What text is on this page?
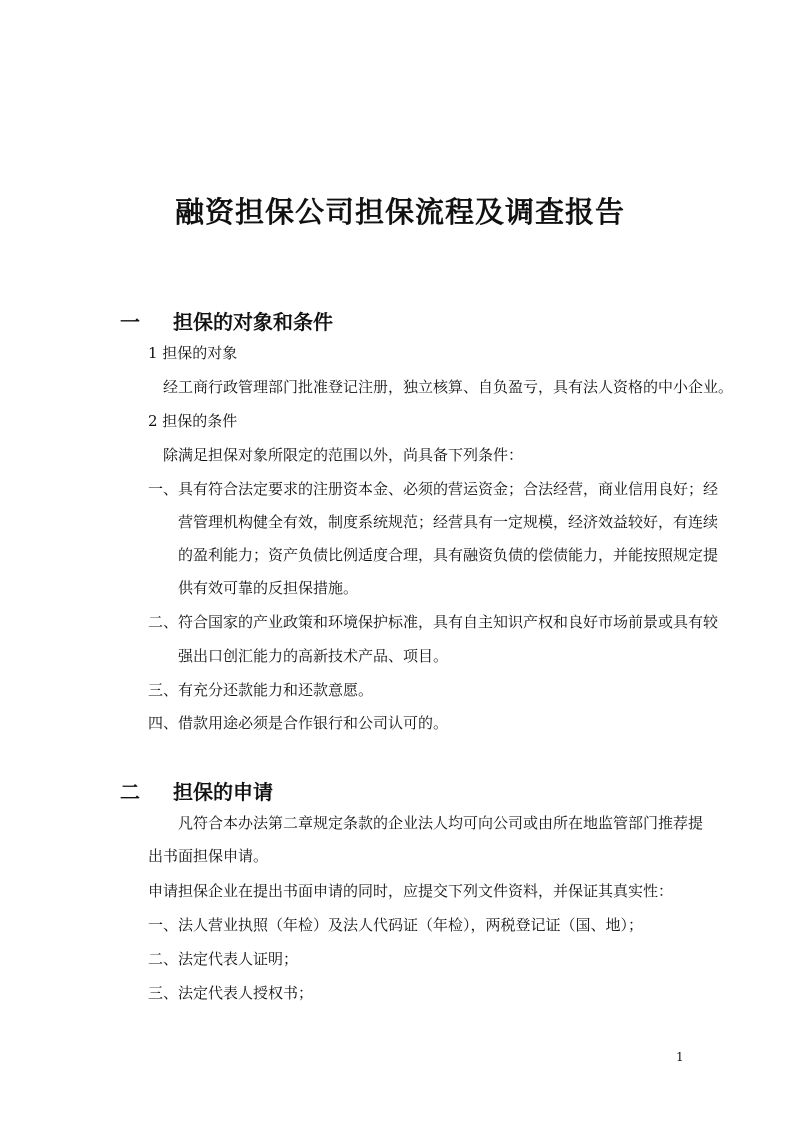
融资担保公司担保流程及调查报告
一 担保的对象和条件
1 担保的对象
经工商行政管理部门批准登记注册，独立核算、自负盈亏，具有法人资格的中小企业。
2 担保的条件
除满足担保对象所限定的范围以外，尚具备下列条件：
一、具有符合法定要求的注册资本金、必须的营运资金；合法经营，商业信用良好；经
营管理机构健全有效，制度系统规范；经营具有一定规模，经济效益较好，有连续
的盈利能力；资产负债比例适度合理，具有融资负债的偿债能力，并能按照规定提
供有效可靠的反担保措施。
二、符合国家的产业政策和环境保护标准，具有自主知识产权和良好市场前景或具有较
强出口创汇能力的高新技术产品、项目。
三、有充分还款能力和还款意愿。
四、借款用途必须是合作银行和公司认可的。
二 担保的申请
凡符合本办法第二章规定条款的企业法人均可向公司或由所在地监管部门推荐提
出书面担保申请。
申请担保企业在提出书面申请的同时，应提交下列文件资料，并保证其真实性：
一、法人营业执照（年检）及法人代码证（年检），两税登记证（国、地）；
二、法定代表人证明；
三、法定代表人授权书；
1
